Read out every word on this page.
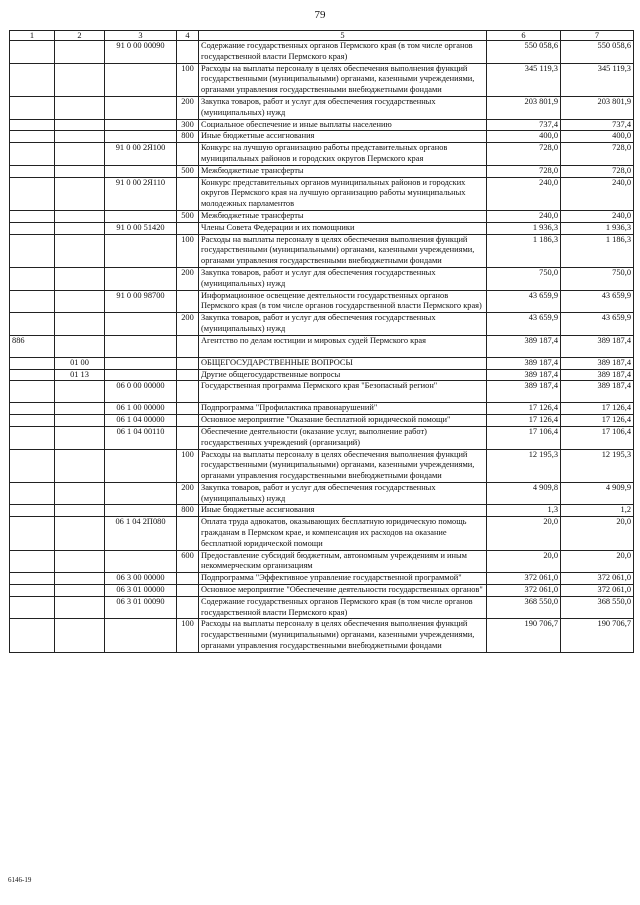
79
1	2	3	4	5	6	7
		91 0 00 00090		Содержание государственных органов Пермского края (в том числе органов государственной власти Пермского края)	550 058,6	550 058,6
			100	Расходы на выплаты персоналу в целях обеспечения выполнения функций государственными (муниципальными) органами, казенными учреждениями, органами управления государственными внебюджетными фондами	345 119,3	345 119,3
			200	Закупка товаров, работ и услуг для обеспечения государственных (муниципальных) нужд	203 801,9	203 801,9
			300	Социальное обеспечение и иные выплаты населению	737,4	737,4
			800	Иные бюджетные ассигнования	400,0	400,0
		91 0 00 2Я100		Конкурс на лучшую организацию работы представительных органов муниципальных районов и городских округов Пермского края	728,0	728,0
			500	Межбюджетные трансферты	728,0	728,0
		91 0 00 2Я110		Конкурс представительных органов муниципальных районов и городских округов Пермского края на лучшую организацию работы муниципальных молодежных парламентов	240,0	240,0
			500	Межбюджетные трансферты	240,0	240,0
		91 0 00 51420		Члены Совета Федерации и их помощники	1 936,3	1 936,3
			100	Расходы на выплаты персоналу в целях обеспечения выполнения функций государственными (муниципальными) органами, казенными учреждениями, органами управления государственными внебюджетными фондами	1 186,3	1 186,3
			200	Закупка товаров, работ и услуг для обеспечения государственных (муниципальных) нужд	750,0	750,0
		91 0 00 98700		Информационное освещение деятельности государственных органов Пермского края (в том числе органов государственной власти Пермского края)	43 659,9	43 659,9
			200	Закупка товаров, работ и услуг для обеспечения государственных (муниципальных) нужд	43 659,9	43 659,9
886				Агентство по делам юстиции и мировых судей Пермского края	389 187,4	389 187,4
	01 00			ОБЩЕГОСУДАРСТВЕННЫЕ ВОПРОСЫ	389 187,4	389 187,4
	01 13			Другие общегосударственные вопросы	389 187,4	389 187,4
		06 0 00 00000		Государственная программа Пермского края "Безопасный регион"	389 187,4	389 187,4
		06 1 00 00000		Подпрограмма "Профилактика правонарушений"	17 126,4	17 126,4
		06 1 04 00000		Основное мероприятие "Оказание бесплатной юридической помощи"	17 126,4	17 126,4
		06 1 04 00110		Обеспечение деятельности (оказание услуг, выполнение работ) государственных учреждений (организаций)	17 106,4	17 106,4
			100	Расходы на выплаты персоналу в целях обеспечения выполнения функций государственными (муниципальными) органами, казенными учреждениями, органами управления государственными внебюджетными фондами	12 195,3	12 195,3
			200	Закупка товаров, работ и услуг для обеспечения государственных (муниципальных) нужд	4 909,8	4 909,9
			800	Иные бюджетные ассигнования	1,3	1,2
		06 1 04 2П080		Оплата труда адвокатов, оказывающих бесплатную юридическую помощь гражданам в Пермском крае, и компенсация их расходов на оказание бесплатной юридической помощи	20,0	20,0
			600	Предоставление субсидий бюджетным, автономным учреждениям и иным некоммерческим организациям	20,0	20,0
		06 3 00 00000		Подпрограмма "Эффективное управление государственной программой"	372 061,0	372 061,0
		06 3 01 00000		Основное мероприятие "Обеспечение деятельности государственных органов"	372 061,0	372 061,0
		06 3 01 00090		Содержание государственных органов Пермского края (в том числе органов государственной власти Пермского края)	368 550,0	368 550,0
			100	Расходы на выплаты персоналу в целях обеспечения выполнения функций государственными (муниципальными) органами, казенными учреждениями, органами управления государственными внебюджетными фондами	190 706,7	190 706,7
6146-19
